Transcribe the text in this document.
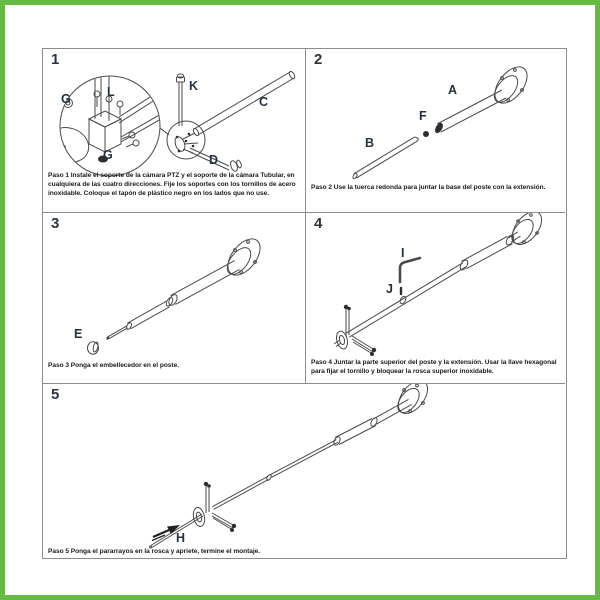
1
G	L
G
K
C
D
Paso 1 Instale el soporte de la cámara PTZ y el soporte de la cámara Tubular, en cualquiera de las cuatro direcciones. Fije los soportes con los tornillos de acero inoxidable. Coloque el tapón de plástico negro en los lados que no use.
2
A
F
B
Paso 2 Use la tuerca redonda para juntar la base del poste con la extensión.
3
E
Paso 3 Ponga el embellecedor en el poste.
4
I
J
Paso 4 Juntar la parte superior del poste y la extensión. Usar la llave hexagonal para fijar el tornillo y bloquear la rosca superior inoxidable.
5
H
Paso 5 Ponga el pararrayos en la rosca y apriete, termine el montaje.
